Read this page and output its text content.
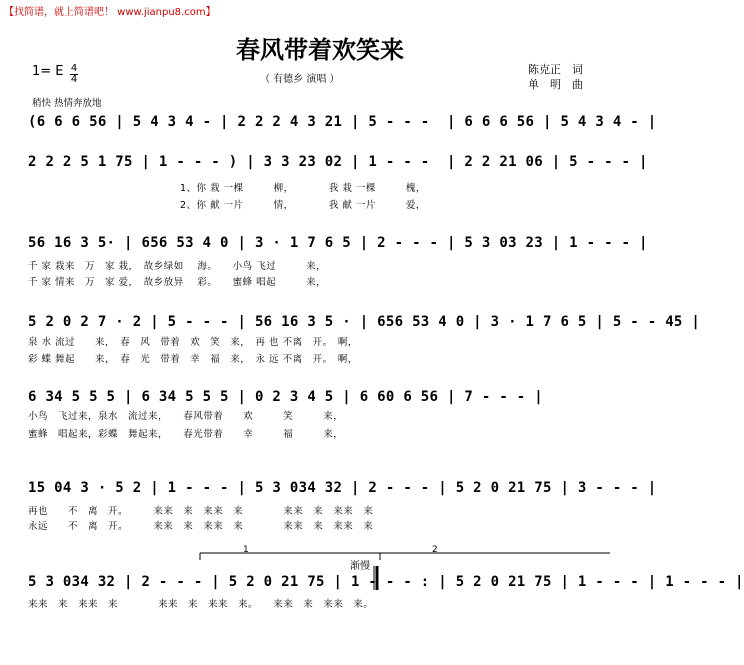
【找简谱，就上简谱吧！ www.jianpu8.com】
春风带着欢笑来
（ 有德乡 演唱 ）
陈克正　词
单　明　曲
1= E 4
4
稍快 热情奔放地
(6 6 6 56 | 5 4 3 4 - | 2 2 2 4 3 21 | 5 - - -  | 6 6 6 56 | 5 4 3 4 - |
2 2 2 5 1 75 | 1 - - - ) | 3 3 23 02 | 1 - - -  | 2 2 21 06 | 5 - - - |
1、你 栽 一棵　　　柳，　　　　我 栽 一棵　　　槐，
2、你 献 一片　　　情，　　　　我 献 一片　　　爱，
56 16 3 5· | 656 53 4 0 | 3 · 1 7 6 5 | 2 - - - | 5 3 03 23 | 1 - - - |
千 家 栽来　万　家 栽，　故乡绿如　 海。　　小鸟 飞过　　　来，
千 家 情来　万　家 爱，　故乡放异　 彩。　　蜜蜂 唱起　　　来，
5 2 0 2 7 · 2 | 5 - - - | 56 16 3 5 · | 656 53 4 0 | 3 · 1 7 6 5 | 5 - - 45 |
泉 水 流过　　来，　春　风　带着　欢　笑　来，　再 也 不离　开。　啊，
彩 蝶 舞起　　来，　春　光　带着　幸　福　来，　永 远 不离　开。　啊，
6 34 5 5 5 | 6 34 5 5 5 | 0 2 3 4 5 | 6 60 6 56 | 7 - - - |
小鸟　飞过来，泉水　流过来，　　春风带着　　欢　　　笑　　　来，
蜜蜂　唱起来，彩蝶　舞起来，　　春光带着　　幸　　　福　　　来，
15 04 3 · 5 2 | 1 - - - | 5 3 034 32 | 2 - - - | 5 2 0 21 75 | 3 - - - |
再也　　不　离　开。　　　来来　来　来来　来　　　　来来　来　来来　来
永远　　不　离　开。　　　来来　来　来来　来　　　　来来　来　来来　来
1	2
渐慢
5 3 034 32 | 2 - - - | 5 2 0 21 75 | 1 - - - : | 5 2 0 21 75 | 1 - - - | 1 - - - |
来来　来　来来　来　　　　来来　来　来来　来。　　来来　来　来来　来。
